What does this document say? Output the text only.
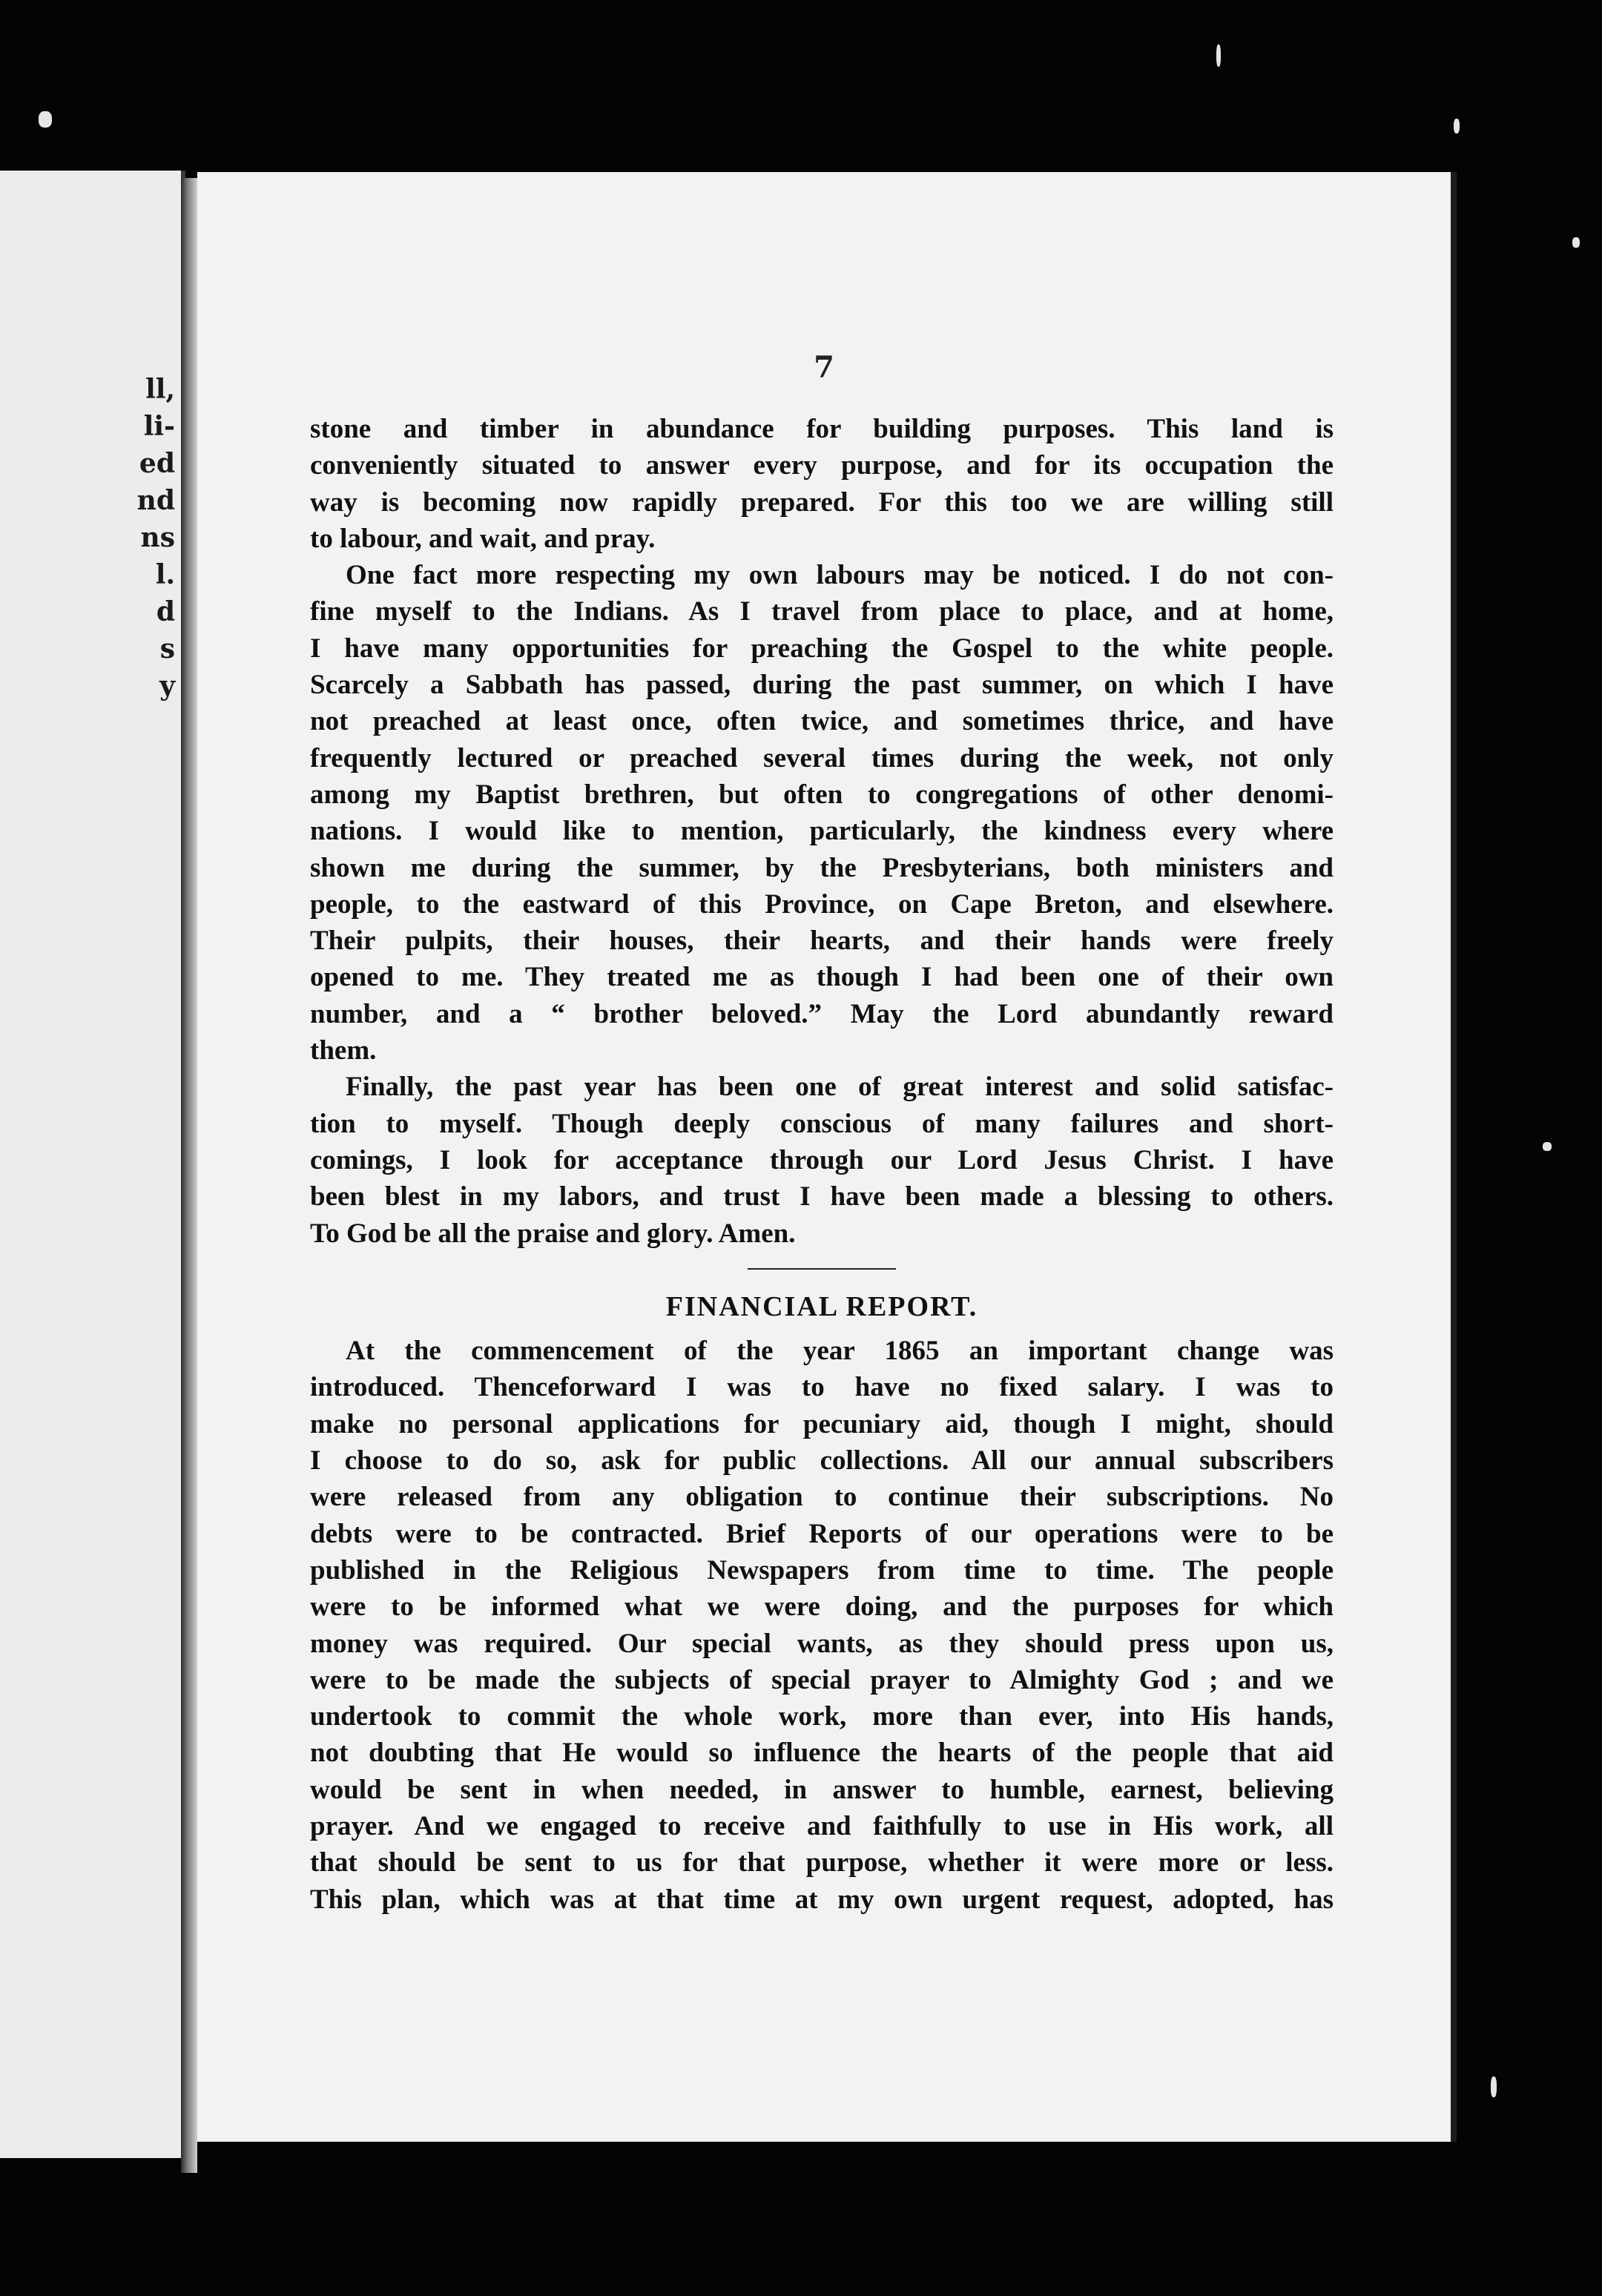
ll,
li-
ed
nd
ns
l.
d
s
y
7
stone and timber in abundance for building purposes. This land is
conveniently situated to answer every purpose, and for its occupation the
way is becoming now rapidly prepared. For this too we are willing still
to labour, and wait, and pray.
One fact more respecting my own labours may be noticed. I do not con-
fine myself to the Indians. As I travel from place to place, and at home,
I have many opportunities for preaching the Gospel to the white people.
Scarcely a Sabbath has passed, during the past summer, on which I have
not preached at least once, often twice, and sometimes thrice, and have
frequently lectured or preached several times during the week, not only
among my Baptist brethren, but often to congregations of other denomi-
nations. I would like to mention, particularly, the kindness every where
shown me during the summer, by the Presbyterians, both ministers and
people, to the eastward of this Province, on Cape Breton, and elsewhere.
Their pulpits, their houses, their hearts, and their hands were freely
opened to me. They treated me as though I had been one of their own
number, and a “ brother beloved.” May the Lord abundantly reward
them.
Finally, the past year has been one of great interest and solid satisfac-
tion to myself. Though deeply conscious of many failures and short-
comings, I look for acceptance through our Lord Jesus Christ. I have
been blest in my labors, and trust I have been made a blessing to others.
To God be all the praise and glory. Amen.
FINANCIAL REPORT.
At the commencement of the year 1865 an important change was
introduced. Thenceforward I was to have no fixed salary. I was to
make no personal applications for pecuniary aid, though I might, should
I choose to do so, ask for public collections. All our annual subscribers
were released from any obligation to continue their subscriptions. No
debts were to be contracted. Brief Reports of our operations were to be
published in the Religious Newspapers from time to time. The people
were to be informed what we were doing, and the purposes for which
money was required. Our special wants, as they should press upon us,
were to be made the subjects of special prayer to Almighty God ; and we
undertook to commit the whole work, more than ever, into His hands,
not doubting that He would so influence the hearts of the people that aid
would be sent in when needed, in answer to humble, earnest, believing
prayer. And we engaged to receive and faithfully to use in His work, all
that should be sent to us for that purpose, whether it were more or less.
This plan, which was at that time at my own urgent request, adopted, has
